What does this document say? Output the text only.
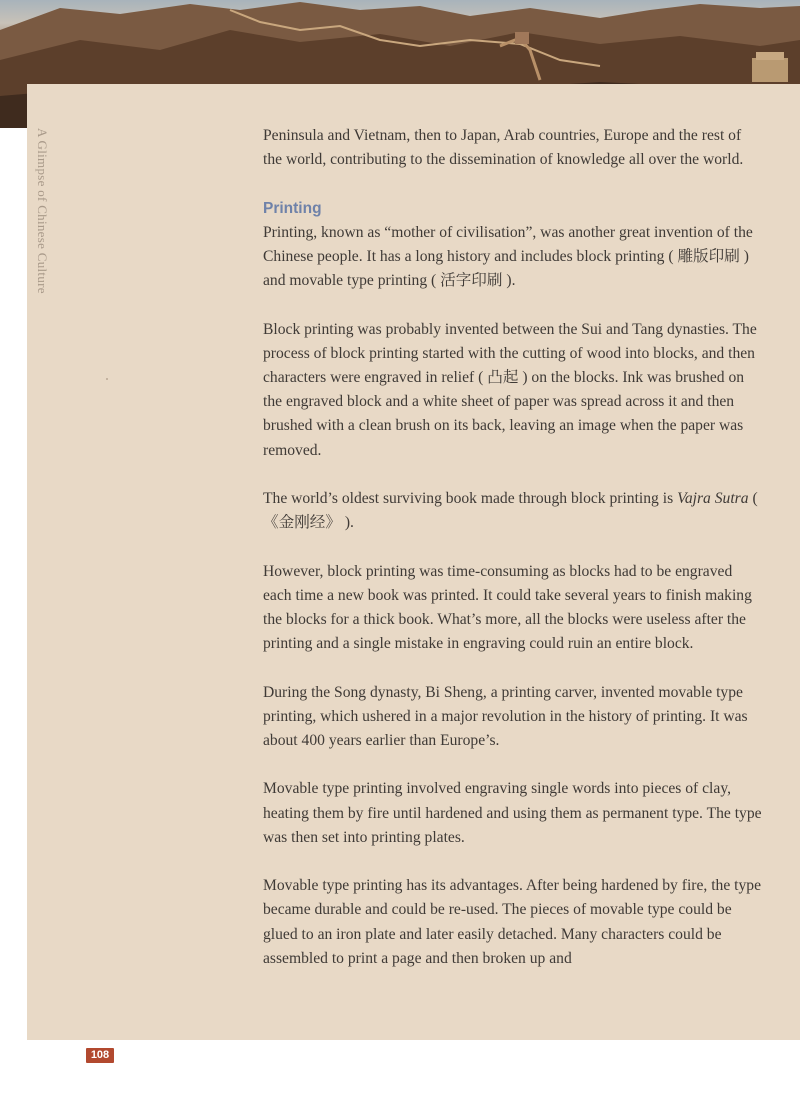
A Glimpse of Chinese Culture	Peninsula and Vietnam, then to Japan, Arab countries, Europe and the rest of the world, contributing to the dissemination of knowledge all over the world.

Printing

Printing, known as “mother of civilisation”, was another great invention of the Chinese people. It has a long history and includes block printing ( 雕版印刷 ) and movable type printing ( 活字印刷 ).

Block printing was probably invented between the Sui and Tang dynasties. The process of block printing started with the cutting of wood into blocks, and then characters were engraved in relief ( 凸起 ) on the blocks. Ink was brushed on the engraved block and a white sheet of paper was spread across it and then brushed with a clean brush on its back, leaving an image when the paper was removed.

The world’s oldest surviving book made through block printing is Vajra Sutra ( 《金刚经》 ).

However, block printing was time-consuming as blocks had to be engraved each time a new book was printed. It could take several years to finish making the blocks for a thick book. What’s more, all the blocks were useless after the printing and a single mistake in engraving could ruin an entire block.

During the Song dynasty, Bi Sheng, a printing carver, invented movable type printing, which ushered in a major revolution in the history of printing. It was about 400 years earlier than Europe’s.

Movable type printing involved engraving single words into pieces of clay, heating them by fire until hardened and using them as permanent type. The type was then set into printing plates.

Movable type printing has its advantages. After being hardened by fire, the type became durable and could be re-used. The pieces of movable type could be glued to an iron plate and later easily detached. Many characters could be assembled to print a page and then broken up and

108
